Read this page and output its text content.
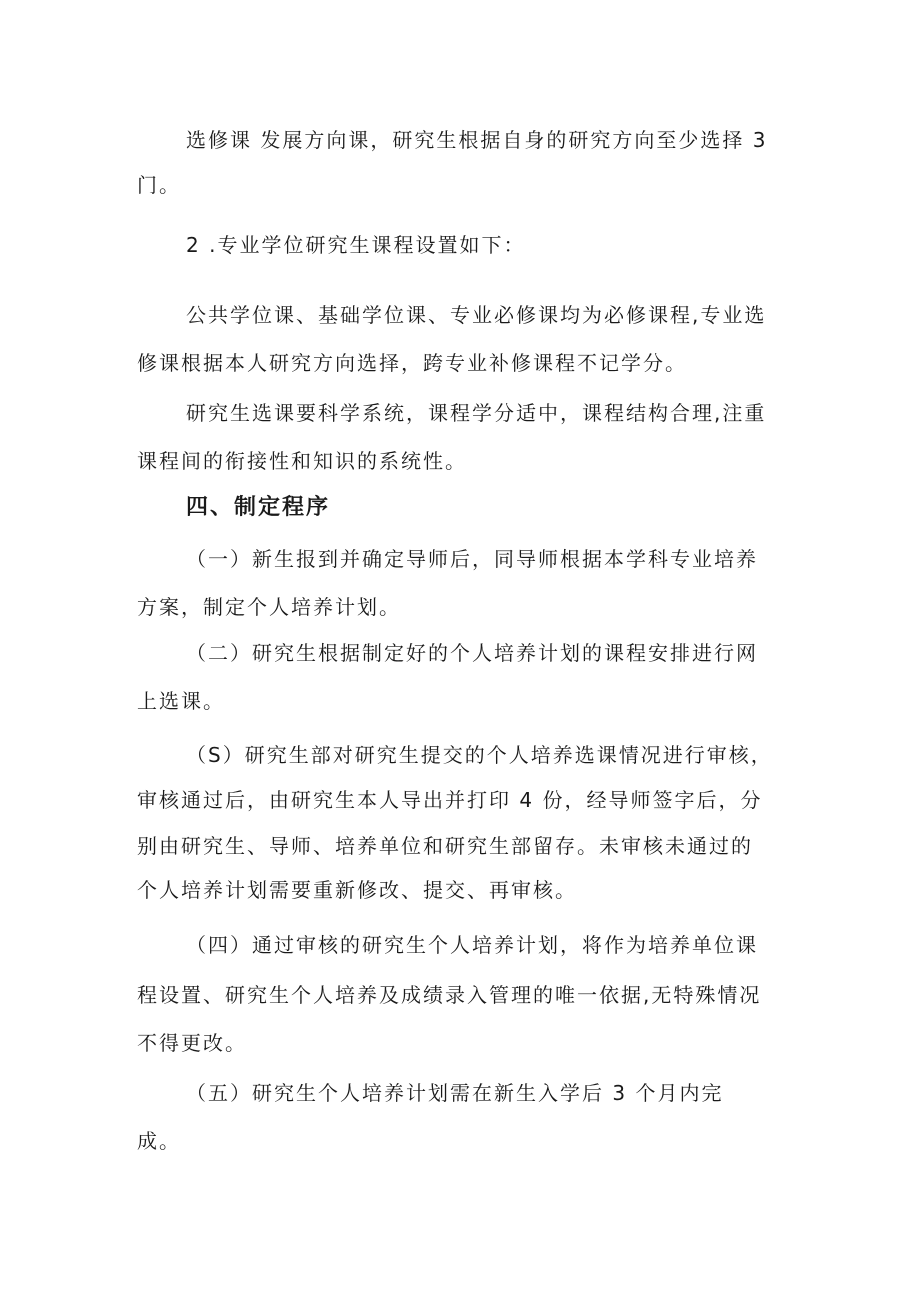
选修课 发展方向课，研究生根据自身的研究方向至少选择 3
门。
2 .专业学位研究生课程设置如下：
公共学位课、基础学位课、专业必修课均为必修课程,专业选
修课根据本人研究方向选择，跨专业补修课程不记学分。
研究生选课要科学系统，课程学分适中，课程结构合理,注重
课程间的衔接性和知识的系统性。
四、制定程序
（一）新生报到并确定导师后，同导师根据本学科专业培养
方案，制定个人培养计划。
（二）研究生根据制定好的个人培养计划的课程安排进行网
上选课。
（S）研究生部对研究生提交的个人培养选课情况进行审核，
审核通过后，由研究生本人导出并打印 4 份，经导师签字后，分
别由研究生、导师、培养单位和研究生部留存。未审核未通过的
个人培养计划需要重新修改、提交、再审核。
（四）通过审核的研究生个人培养计划，将作为培养单位课
程设置、研究生个人培养及成绩录入管理的唯一依据,无特殊情况
不得更改。
（五）研究生个人培养计划需在新生入学后 3 个月内完
成。
